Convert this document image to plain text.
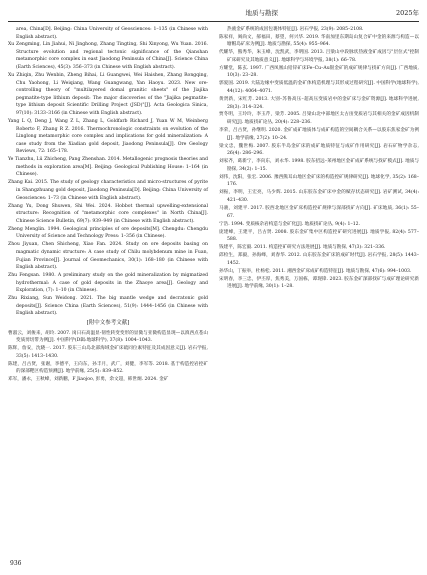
地质与勘探	2025年

area, China[D]. Beijing: China University of Geosciences: 1–135 (in Chinese with English abstract).

Xu Zengming, Lin Jiahui, Ni Jinghong, Zhang Tingting, Shi Xinyong, Wu Yuan. 2016. Structure evolution and regional tectonic significance of the Qianshan metamorphic core complex in east Jiaodong Peninsula of China[J]. Science China (Earth Sciences), 45(3): 356–373 (in Chinese with English abstract).

Xu Zhiqin, Zhu Wenbin, Zheng Bihai, Li Guangwei, Wei Haishen, Zhang Rongqing, Chu Yaohong, Li Weiqiang, Wang Guangwang, Yan Haoyu. 2023. New ore-controlling theory of "multilayered domal granitic sheets" of the Jiajika pegmatite-type lithium deposit: The major discoveries of the "Jiajika pegmatite-type lithium deposit Scientific Drilling Project (JSD)"[J]. Acta Geologica Sinica, 97(10): 3133–3166 (in Chinese with English abstract).

Yang L Q, Deng J, Wang Z L, Zhang L, Goldfarb Richard J, Yuan W M, Weinberg Roberto F, Zhang R Z. 2016. Thermochronologic constraints on evolution of the Linglong metamorphic core complex and implications for gold mineralization: A case study from the Xiadian gold deposit, Jiaodong Peninsula[J]. Ore Geology Reviews, 72: 165–178.

Ye Tianzhu, Lü Zhicheng, Pang Zhenshan. 2014. Metallogenic prognosis theories and methods in exploration area[M]. Beijing: Geological Publishing House: 1–164 (in Chinese).

Zhang Kai. 2015. The study of geology characteristics and micro-structures of pyrite in Shangzhuang gold deposit, Jiaodong Peninsula[D]. Beijing: China University of Geosciences: 1–73 (in Chinese with English abstract).

Zhang Yu, Dong Shuwen, Shi Wei. 2024. Hobbot thermal upwelling-extensional structure: Recognition of "metamorphic core complexes" in North China[J]. Chinese Science Bulletin, 69(7): 939–949 (in Chinese with English abstract).

Zheng Menglin. 1994. Geological principles of ore deposits[M]. Chengdu: Chengdu University of Science and Technology Press: 1–356 (in Chinese).

Zhou Jiyuan, Chen Shicheng, Xiao Fan. 2024. Study on ore deposits basing on magmatic dynamic structure: A case study of Chilu molybdenum mine in Fuan, Fujian Province[J]. Journal of Geomechanics, 30(1): 168–180 (in Chinese with English abstract).

Zhu Fengsan. 1980. A preliminary study on the gold mineralization by migmatized hydrothermal: A case of gold deposits in the Zhaoye area[J]. Geology and Exploration, (7): 1–10 (in Chinese).

Zhu Rixiang, Sun Weidong. 2021. The big mantle wedge and decratonic gold deposits[J]. Science China (Earth Sciences), 51(9): 1444–1456 (in Chinese with English abstract).

[附中文参考文献]

曹淑云，刘俊来，胡玲. 2007. 岗日石高温显-韧性转变变形的显微与亚微构造显现—以滇西点苍山变质剪切带为例[J]. 中国科学(D辑:地球科学), 37(8): 1004–1043.

陈辉，詹安，沈晓一. 2017. 胶东三山岛北部海域金矿床硫同位素特征及其成因意义[J]. 岩石学报, 33(5): 1413–1430.

陈建，吕古贤，张谢，李德平，王向东，孙丰月，武广，刘健，李军等. 2018. 基于构造控岩控矿的深部靶区构造预测[J]. 地学前缘, 25(5): 839–852.

邓军，潘永，王秋峰，刘新鹏，F Jiaojoo, 彭勇，余文超，韩世炯. 2024. 金矿

热液金矿系统的成因包裹体特征[J]. 岩石学报, 23(9): 2085–2108.

陈家祥，阎尚文，郝福田，蔡望，何兴华. 2019. 华南加里东期岛山复合矿中金的来源与构造—以塘帽岛矿床为例[J]. 地质与勘探, 55(4): 955–964.

代耀华，熊秀华，朱玉峰，沈凯武，李明国. 2013. 吕梁山中段脉状热液金矿成因与"层位式"控制矿床研究及其地质意义[J]. 地球科学与环境学报, 38(1): 66–78.

方耀堂，陈玄. 1997. 广西凤凰山铅锌矿床Fe–Cu–Au银金矿的成矿规律与找矿方向[J]. 广西地质, 10(3): 23–28.

郭爱国. 2019. 大陆边缘中变质低温的金矿体构造机理与其形成过程研究[J]. 中国科学(地球科学), 44(12): 4064–4071.

黄贤新，宋红芳. 2013. 大别–苏鲁高压–超高压变质岩中的金矿床与金矿资源[J]. 地球科学进展, 28(3): 314–324.

贾冬明，王玲玲，李玉芹，梁芳. 2005. 吕梁山北中部地区太古宙变质岩与其相关的金矿成因机制研究[J]. 地质找矿论丛, 20(4): 228–236.

李荣，吕古贤，孙继明. 2020. 金矿成矿地质体与成矿构造的空间耦合关系—以胶东焦家金矿为例[J]. 地学前缘, 27(2): 10–24.

梁文忠，魏世梅. 2007. 胶东半岛金矿床的成矿地质特征与成矿作用研究[J]. 岩石矿物学杂志, 26(4): 286–296.

刘家齐，葛新宁，李向东，刘永华. 1998. 胶东招远–莱州地区金矿成矿系统与找矿模式[J]. 地质与勘探, 34(2): 1–15.

刘伟，沈阳，张宏. 2006. 豫西熊耳山地区金矿床的构造控矿规律研究[J]. 地球化学, 35(2): 168–176.

刘振，李明，王宏亮，马少辉. 2015. 山东胶东金矿床中金的赋存状态研究[J]. 岩矿测试, 34(4): 421–430.

马骏，刘建平. 2017. 胶西北地区金矿床构造控矿规律与深部找矿方向[J]. 矿床地质, 36(1): 55–67.

宁浩. 1994. 变质核杂岩构造与金矿化[J]. 地质找矿论丛, 9(4): 1–12.

庞建峰，王建平，吕古贤. 2008. 胶东金矿集中区构造控矿研究进展[J]. 地质学报, 82(4): 577–588.

钱建平，陈宏毅. 2011. 构造控矿研究方法进展[J]. 地质与勘探, 47(3): 321–336.

邱检生，郑毅，孙海峰，刘春华. 2012. 山东胶东金矿床的成矿时代[J]. 岩石学报, 28(5): 1443–1452.

孙华山，丁振举，杜杨松. 2011. 湘西金矿床成矿构造特征[J]. 地质与勘探, 47(6): 994–1003.

宋明春，李三忠，伊丕厚，焦秀美，万国栋，谭现锋. 2023. 胶东金矿深部找矿与成矿理论研究新进展[J]. 地学前缘, 30(1): 1–28.

936
